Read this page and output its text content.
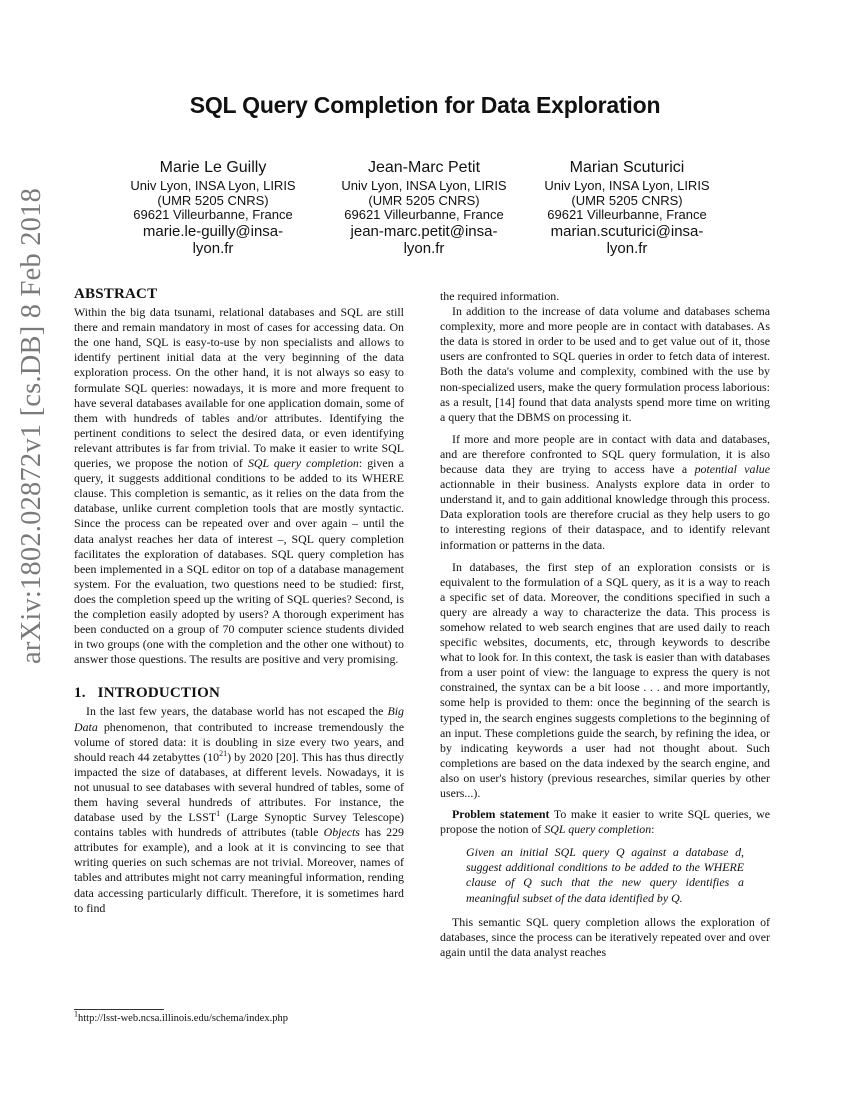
arXiv:1802.02872v1 [cs.DB] 8 Feb 2018
SQL Query Completion for Data Exploration
Marie Le Guilly
Univ Lyon, INSA Lyon, LIRIS
(UMR 5205 CNRS)
69621 Villeurbanne, France
marie.le-guilly@insa-
lyon.fr
Jean-Marc Petit
Univ Lyon, INSA Lyon, LIRIS
(UMR 5205 CNRS)
69621 Villeurbanne, France
jean-marc.petit@insa-
lyon.fr
Marian Scuturici
Univ Lyon, INSA Lyon, LIRIS
(UMR 5205 CNRS)
69621 Villeurbanne, France
marian.scuturici@insa-
lyon.fr
ABSTRACT

Within the big data tsunami, relational databases and SQL are still there and remain mandatory in most of cases for accessing data. On the one hand, SQL is easy-to-use by non specialists and allows to identify pertinent initial data at the very beginning of the data exploration process. On the other hand, it is not always so easy to formulate SQL queries: nowadays, it is more and more frequent to have several databases available for one application domain, some of them with hundreds of tables and/or attributes. Identifying the pertinent conditions to select the desired data, or even identifying relevant attributes is far from trivial. To make it easier to write SQL queries, we propose the notion of SQL query completion: given a query, it suggests additional conditions to be added to its WHERE clause. This completion is semantic, as it relies on the data from the database, unlike current completion tools that are mostly syntactic. Since the process can be repeated over and over again – until the data analyst reaches her data of interest –, SQL query completion facilitates the exploration of databases. SQL query completion has been implemented in a SQL editor on top of a database management system. For the evaluation, two questions need to be studied: first, does the completion speed up the writing of SQL queries? Second, is the completion easily adopted by users? A thorough experiment has been conducted on a group of 70 computer science students divided in two groups (one with the completion and the other one without) to answer those questions. The results are positive and very promising.

1. INTRODUCTION

In the last few years, the database world has not escaped the Big Data phenomenon, that contributed to increase tremendously the volume of stored data: it is doubling in size every two years, and should reach 44 zetabyttes $(10^{21})$ by 2020 [20]. This has thus directly impacted the size of databases, at different levels. Nowadays, it is not unusual to see databases with several hundred of tables, some of them having several hundreds of attributes. For instance, the database used by the LSST$^1$ (Large Synoptic Survey Telescope) contains tables with hundreds of attributes (table Objects has 229 attributes for example), and a look at it is convincing to see that writing queries on such schemas are not trivial. Moreover, names of tables and attributes might not carry meaningful information, rending data accessing particularly difficult. Therefore, it is sometimes hard to find

$^1$http://lsst-web.ncsa.illinois.edu/schema/index.php

the required information.

In addition to the increase of data volume and databases schema complexity, more and more people are in contact with databases. As the data is stored in order to be used and to get value out of it, those users are confronted to SQL queries in order to fetch data of interest. Both the data's volume and complexity, combined with the use by non-specialized users, make the query formulation process laborious: as a result, [14] found that data analysts spend more time on writing a query that the DBMS on processing it.

If more and more people are in contact with data and databases, and are therefore confronted to SQL query formulation, it is also because data they are trying to access have a potential value actionnable in their business. Analysts explore data in order to understand it, and to gain additional knowledge through this process. Data exploration tools are therefore crucial as they help users to go to interesting regions of their dataspace, and to identify relevant information or patterns in the data.

In databases, the first step of an exploration consists or is equivalent to the formulation of a SQL query, as it is a way to reach a specific set of data. Moreover, the conditions specified in such a query are already a way to characterize the data. This process is somehow related to web search engines that are used daily to reach specific websites, documents, etc, through keywords to describe what to look for. In this context, the task is easier than with databases from a user point of view: the language to express the query is not constrained, the syntax can be a bit loose . . . and more importantly, some help is provided to them: once the beginning of the search is typed in, the search engines suggests completions to the beginning of an input. These completions guide the search, by refining the idea, or by indicating keywords a user had not thought about. Such completions are based on the data indexed by the search engine, and also on user's history (previous researches, similar queries by other users...).

Problem statement To make it easier to write SQL queries, we propose the notion of SQL query completion:

Given an initial SQL query Q against a database d, suggest additional conditions to be added to the WHERE clause of Q such that the new query identifies a meaningful subset of the data identified by Q.

This semantic SQL query completion allows the exploration of databases, since the process can be iteratively repeated over and over again until the data analyst reaches
